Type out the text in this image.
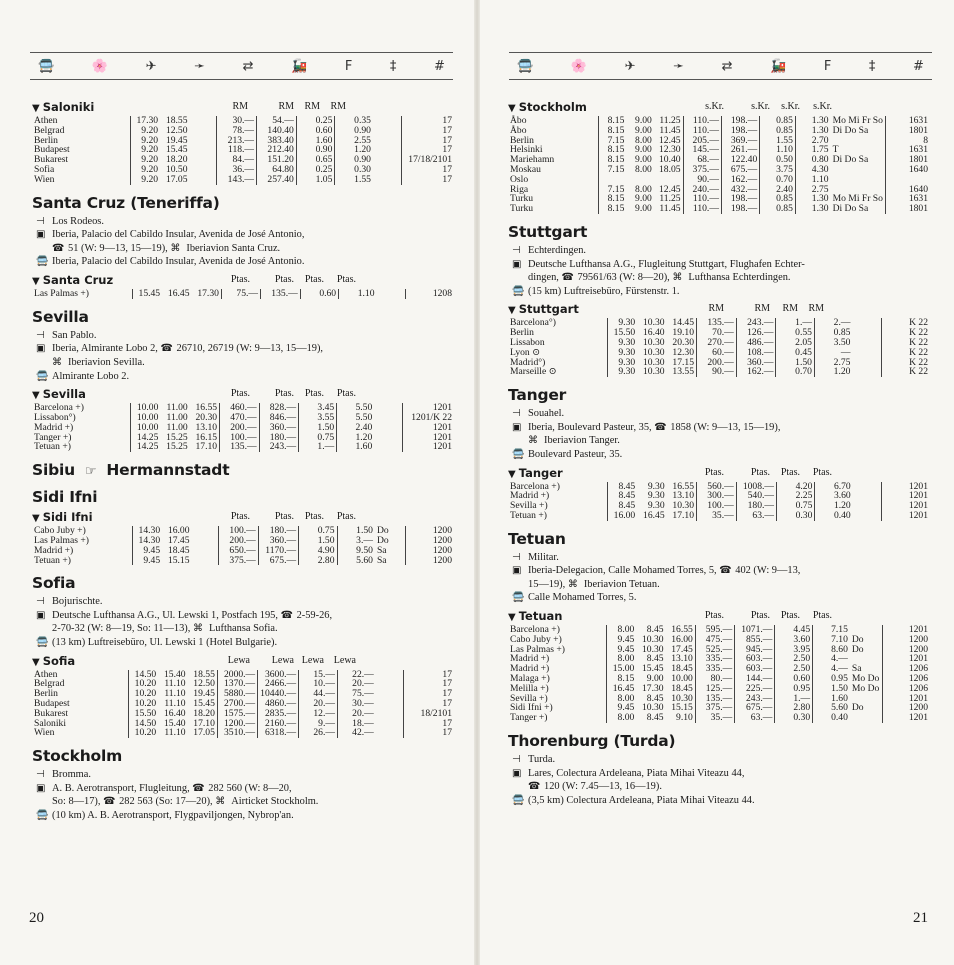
🚍	🌸	✈	➛	⇄	🚂	F	‡	#
▼ Saloniki	RM	RM	RM	RM
Athen	17.30	18.55		30.—	54.—	0.25	0.35		17
Belgrad	9.20	12.50		78.—	140.40	0.60	0.90		17
Berlin	9.20	19.45		213.—	383.40	1.60	2.55		17
Budapest	9.20	15.45		118.—	212.40	0.90	1.20		17
Bukarest	9.20	18.20		84.—	151.20	0.65	0.90		17/18/2101
Sofia	9.20	10.50		36.—	64.80	0.25	0.30		17
Wien	9.20	17.05		143.—	257.40	1.05	1.55		17
Santa Cruz (Teneriffa)
⊣ Los Rodeos.
▣ Iberia, Palacio del Cabildo Insular, Avenida de José Antonio,
☎ 51 (W: 9—13, 15—19), ⌘ Iberiavion Santa Cruz.
🚍 Iberia, Palacio del Cabildo Insular, Avenida de José Antonio.
▼ Santa Cruz	Ptas.	Ptas.	Ptas.	Ptas.
Las Palmas +)	15.45	16.45	17.30	75.—	135.—	0.60	1.10		1208
Sevilla
⊣ San Pablo.
▣ Iberia, Almirante Lobo 2, ☎ 26710, 26719 (W: 9—13, 15—19),
⌘ Iberiavion Sevilla.
🚍 Almirante Lobo 2.
▼ Sevilla	Ptas.	Ptas.	Ptas.	Ptas.
Barcelona +)	10.00	11.00	16.55	460.—	828.—	3.45	5.50		1201
Lissabon°)	10.00	11.00	20.30	470.—	846.—	3.55	5.50		1201/K 22
Madrid +)	10.00	11.00	13.10	200.—	360.—	1.50	2.40		1201
Tanger +)	14.25	15.25	16.15	100.—	180.—	0.75	1.20		1201
Tetuan +)	14.25	15.25	17.10	135.—	243.—	1.—	1.60		1201
Sibiu ☞ Hermannstadt
Sidi Ifni
▼ Sidi Ifni	Ptas.	Ptas.	Ptas.	Ptas.
Cabo Juby +)	14.30	16.00		100.—	180.—	0.75	1.50	Do	1200
Las Palmas +)	14.30	17.45		200.—	360.—	1.50	3.—	Do	1200
Madrid +)	9.45	18.45		650.—	1170.—	4.90	9.50	Sa	1200
Tetuan +)	9.45	15.15		375.—	675.—	2.80	5.60	Sa	1200
Sofia
⊣ Bojurischte.
▣ Deutsche Lufthansa A.G., Ul. Lewski 1, Postfach 195, ☎ 2-59-26,
2-70-32 (W: 8—19, So: 11—13), ⌘ Lufthansa Sofia.
🚍 (13 km) Luftreisebüro, Ul. Lewski 1 (Hotel Bulgarie).
▼ Sofia	Lewa	Lewa Lewa Lewa
Athen	14.50	15.40	18.55	2000.—	3600.—	15.—	22.—		17
Belgrad	10.20	11.10	12.50	1370.—	2466.—	10.—	20.—		17
Berlin	10.20	11.10	19.45	5880.—	10440.—	44.—	75.—		17
Budapest	10.20	11.10	15.45	2700.—	4860.—	20.—	30.—		17
Bukarest	15.50	16.40	18.20	1575.—	2835.—	12.—	20.—		18/2101
Saloniki	14.50	15.40	17.10	1200.—	2160.—	9.—	18.—		17
Wien	10.20	11.10	17.05	3510.—	6318.—	26.—	42.—		17
Stockholm
⊣ Bromma.
▣ A. B. Aerotransport, Flugleitung, ☎ 282 560 (W: 8—20,
So: 8—17), ☎ 282 563 (So: 17—20), ⌘ Airticket Stockholm.
🚍 (10 km) A. B. Aerotransport, Flygpaviljongen, Nybrop'an.
20
🚍	🌸	✈	➛	⇄	🚂	F	‡	#
▼ Stockholm	s.Kr.	s.Kr.	s.Kr.	s.Kr.
Åbo	8.15	9.00	11.25	110.—	198.—	0.85	1.30	Mo Mi Fr So	1631
Åbo	8.15	9.00	11.45	110.—	198.—	0.85	1.30	Di Do Sa	1801
Berlin	7.15	8.00	12.45	205.—	369.—	1.55	2.70		8
Helsinki	8.15	9.00	12.30	145.—	261.—	1.10	1.75	T	1631
Mariehamn	8.15	9.00	10.40	68.—	122.40	0.50	0.80	Di Do Sa	1801
Moskau	7.15	8.00	18.05	375.—	675.—	3.75	4.30		1640
Oslo				90.—	162.—	0.70	1.10		
Riga	7.15	8.00	12.45	240.—	432.—	2.40	2.75		1640
Turku	8.15	9.00	11.25	110.—	198.—	0.85	1.30	Mo Mi Fr So	1631
Turku	8.15	9.00	11.45	110.—	198.—	0.85	1.30	Di Do Sa	1801
Stuttgart
⊣ Echterdingen.
▣ Deutsche Lufthansa A.G., Flugleitung Stuttgart, Flughafen Echter-
dingen, ☎ 79561/63 (W: 8—20), ⌘ Lufthansa Echterdingen.
🚍 (15 km) Luftreisebüro, Fürstenstr. 1.
▼ Stuttgart	RM	RM	RM	RM
Barcelona°)	9.30	10.30	14.45	135.—	243.—	1.—	2.—		K 22
Berlin	15.50	16.40	19.10	70.—	126.—	0.55	0.85		K 22
Lissabon	9.30	10.30	20.30	270.—	486.—	2.05	3.50		K 22
Lyon ⊙	9.30	10.30	12.30	60.—	108.—	0.45	—		K 22
Madrid°)	9.30	10.30	17.15	200.—	360.—	1.50	2.75		K 22
Marseille ⊙	9.30	10.30	13.55	90.—	162.—	0.70	1.20		K 22
Tanger
⊣ Souahel.
▣ Iberia, Boulevard Pasteur, 35, ☎ 1858 (W: 9—13, 15—19),
⌘ Iberiavion Tanger.
🚍 Boulevard Pasteur, 35.
▼ Tanger	Ptas.	Ptas.	Ptas.	Ptas.
Barcelona +)	8.45	9.30	16.55	560.—	1008.—	4.20	6.70		1201
Madrid +)	8.45	9.30	13.10	300.—	540.—	2.25	3.60		1201
Sevilla +)	8.45	9.30	10.30	100.—	180.—	0.75	1.20		1201
Tetuan +)	16.00	16.45	17.10	35.—	63.—	0.30	0.40		1201
Tetuan
⊣ Militar.
▣ Iberia-Delegacion, Calle Mohamed Torres, 5, ☎ 402 (W: 9—13,
15—19), ⌘ Iberiavion Tetuan.
🚍 Calle Mohamed Torres, 5.
▼ Tetuan	Ptas.	Ptas.	Ptas.	Ptas.
Barcelona +)	8.00	8.45	16.55	595.—	1071.—	4.45	7.15		1201
Cabo Juby +)	9.45	10.30	16.00	475.—	855.—	3.60	7.10	Do	1200
Las Palmas +)	9.45	10.30	17.45	525.—	945.—	3.95	8.60	Do	1200
Madrid +)	8.00	8.45	13.10	335.—	603.—	2.50	4.—		1201
Madrid +)	15.00	15.45	18.45	335.—	603.—	2.50	4.—	Sa	1206
Malaga +)	8.15	9.00	10.00	80.—	144.—	0.60	0.95	Mo Do	1206
Melilla +)	16.45	17.30	18.45	125.—	225.—	0.95	1.50	Mo Do	1206
Sevilla +)	8.00	8.45	10.30	135.—	243.—	1.—	1.60		1201
Sidi Ifni +)	9.45	10.30	15.15	375.—	675.—	2.80	5.60	Do	1200
Tanger +)	8.00	8.45	9.10	35.—	63.—	0.30	0.40		1201
Thorenburg (Turda)
⊣ Turda.
▣ Lares, Colectura Ardeleana, Piata Mihai Viteazu 44,
☎ 120 (W: 7.45—13, 16—19).
🚍 (3,5 km) Colectura Ardeleana, Piata Mihai Viteazu 44.
21
